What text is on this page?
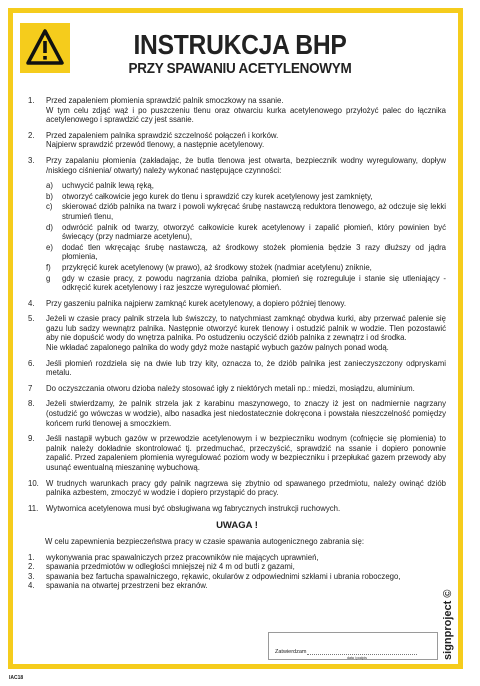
INSTRUKCJA BHP
PRZY SPAWANIU ACETYLENOWYM
1.	Przed zapaleniem płomienia sprawdzić palnik smoczkowy na ssanie.
W tym celu zdjąć wąż i po puszczeniu tlenu oraz otwarciu kurka acetylenowego przyłożyć palec do łącznika acetylenowego i sprawdzić czy jest ssanie.
2.	Przed zapaleniem palnika sprawdzić szczelność połączeń i korków.
Najpierw sprawdzić przewód tlenowy, a następnie acetylenowy.
3.	Przy zapalaniu płomienia (zakładając, że butla tlenowa jest otwarta, bezpiecznik wodny wyregulowany, dopływ /niskiego ciśnienia/ otwarty) należy wykonać następujące czynności:
a)	uchwycić palnik lewą ręką,
b)	otworzyć całkowicie jego kurek do tlenu i sprawdzić czy kurek acetylenowy jest zamknięty,
c)	skierować dziób palnika na twarz i powoli wykręcać śrubę nastawczą reduktora tlenowego, aż odczuje się lekki strumień tlenu,
d)	odwrócić palnik od twarzy, otworzyć całkowicie kurek acetylenowy i zapalić płomień, który powinien być świecący (przy nadmiarze acetylenu),
e)	dodać tlen wkręcając śrubę nastawczą, aż środkowy stożek płomienia będzie 3 razy dłuższy od jądra płomienia,
f)	przykręcić kurek acetylenowy (w prawo), aż środkowy stożek (nadmiar acetylenu) zniknie,
g	gdy w czasie pracy, z powodu nagrzania dzioba palnika, płomień się rozreguluje i stanie się utleniający - odkręcić kurek acetylenowy i raz jeszcze wyregulować płomień.
4.	Przy gaszeniu palnika najpierw zamknąć kurek acetylenowy, a dopiero później tlenowy.
5.	Jeżeli w czasie pracy palnik strzela lub świszczy, to natychmiast zamknąć obydwa kurki, aby przerwać palenie się gazu lub sadzy wewnątrz palnika. Następnie otworzyć kurek tlenowy i ostudzić palnik w wodzie. Tlen pozostawić aby nie dopuścić wody do wnętrza palnika. Po ostudzeniu oczyścić dziób palnika z zewnątrz i od środka.
Nie wkładać zapalonego palnika do wody gdyż może nastąpić wybuch gazów palnych ponad wodą.
6.	Jeśli płomień rozdziela się na dwie lub trzy kity, oznacza to, że dziób palnika jest zanieczyszczony odpryskami metalu.
7	Do oczyszczania otworu dzioba należy stosować igły z niektórych metali np.: miedzi, mosiądzu, aluminium.
8.	Jeżeli stwierdzamy, że palnik strzela jak z karabinu maszynowego, to znaczy iż jest on nadmiernie nagrzany (ostudzić go wówczas w wodzie), albo nasadka jest niedostatecznie dokręcona i powstała nieszczelność pomiędzy końcem rurki tlenowej a smoczkiem.
9.	Jeśli nastąpił wybuch gazów w przewodzie acetylenowym i w bezpieczniku wodnym (cofnięcie się płomienia) to palnik należy dokładnie skontrolować tj. przedmuchać, przeczyścić, sprawdzić na ssanie i dopiero ponownie zapalić. Przed zapaleniem płomienia wyregulować poziom wody w bezpieczniku i przepłukać gazem przewody aby usunąć ewentualną mieszaninę wybuchową.
10. W trudnych warunkach pracy gdy palnik nagrzewa się zbytnio od spawanego przedmiotu, należy owinąć dziób palnika azbestem, zmoczyć w wodzie i dopiero przystąpić do pracy.
11. Wytwornica acetylenowa musi być obsługiwana wg fabrycznych instrukcji ruchowych.
UWAGA !
W celu zapewnienia bezpieczeństwa pracy w czasie spawania autogenicznego zabrania się:
1.	wykonywania prac spawalniczych przez pracowników nie mających uprawnień,
2.	spawania przedmiotów w odległości mniejszej niż 4 m od butli z gazami,
3.	spawania bez fartucha spawalniczego, rękawic, okularów z odpowiednimi szkłami i ubrania roboczego,
4.	spawania na otwartej przestrzeni bez ekranów.
Zatwierdzam
data i podpis	signproject ©
IAC18
